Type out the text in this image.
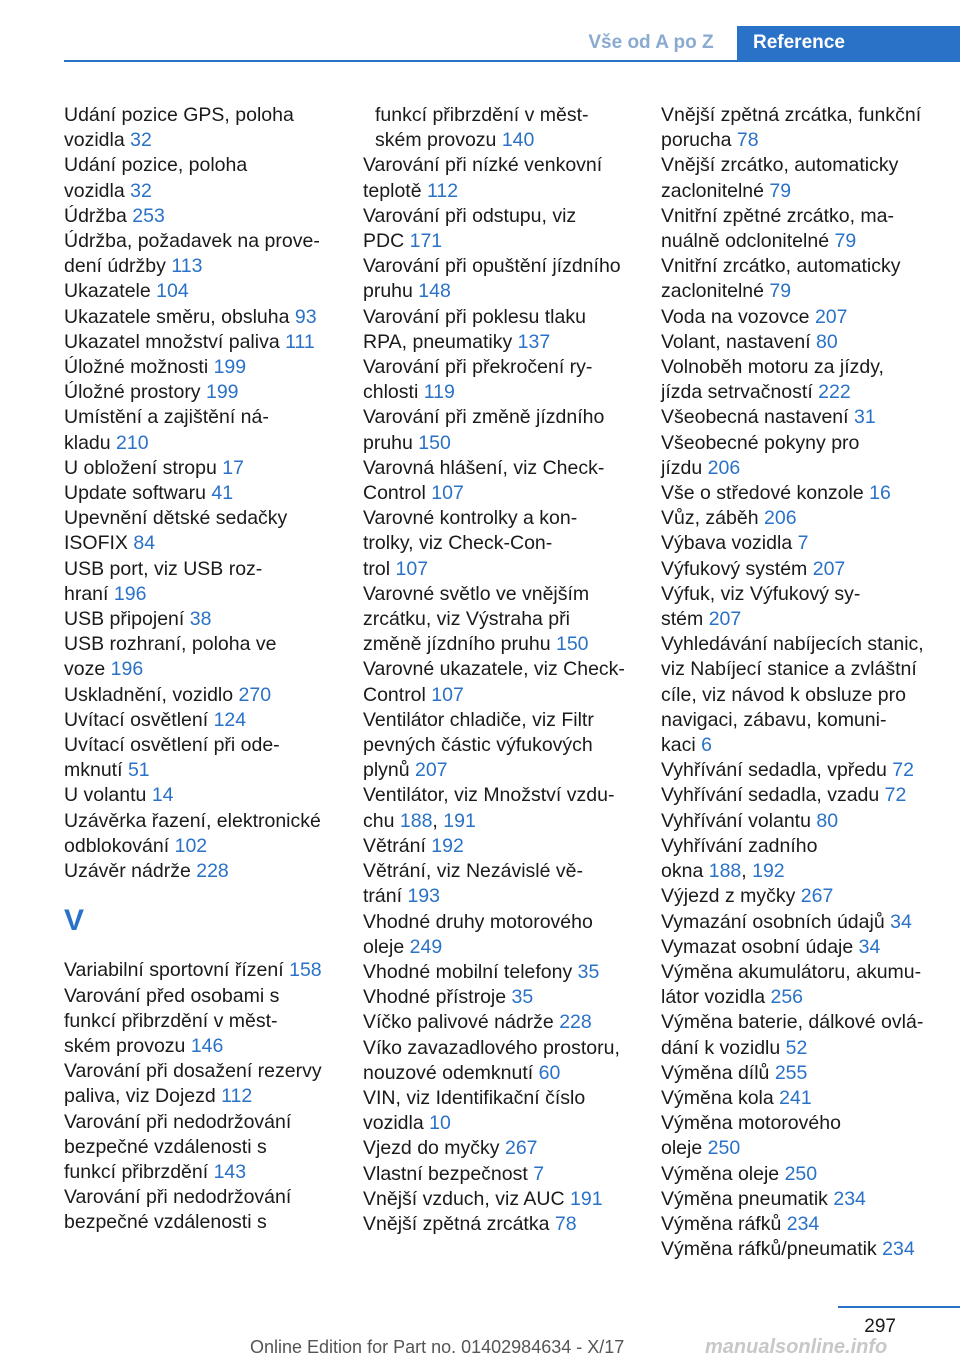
Vše od A po Z	Reference
Udání pozice GPS, poloha
vozidla 32
Udání pozice, poloha
vozidla 32
Údržba 253
Údržba, požadavek na prove‐
dení údržby 113
Ukazatele 104
Ukazatele směru, obsluha 93
Ukazatel množství paliva 111
Úložné možnosti 199
Úložné prostory 199
Umístění a zajištění ná‐
kladu 210
U obložení stropu 17
Update softwaru 41
Upevnění dětské sedačky
ISOFIX 84
USB port, viz USB roz‐
hraní 196
USB připojení 38
USB rozhraní, poloha ve
voze 196
Uskladnění, vozidlo 270
Uvítací osvětlení 124
Uvítací osvětlení při ode‐
mknutí 51
U volantu 14
Uzávěrka řazení, elektronické
odblokování 102
Uzávěr nádrže 228
V
Variabilní sportovní řízení 158
Varování před osobami s
funkcí přibrzdění v měst‐
ském provozu 146
Varování při dosažení rezervy
paliva, viz Dojezd 112
Varování při nedodržování
bezpečné vzdálenosti s
funkcí přibrzdění 143
Varování při nedodržování
bezpečné vzdálenosti s
funkcí přibrzdění v měst‐
ském provozu 140
Varování při nízké venkovní
teplotě 112
Varování při odstupu, viz
PDC 171
Varování při opuštění jízdního
pruhu 148
Varování při poklesu tlaku
RPA, pneumatiky 137
Varování při překročení ry‐
chlosti 119
Varování při změně jízdního
pruhu 150
Varovná hlášení, viz Check-
Control 107
Varovné kontrolky a kon‐
trolky, viz Check-Con‐
trol 107
Varovné světlo ve vnějším
zrcátku, viz Výstraha při
změně jízdního pruhu 150
Varovné ukazatele, viz Check-
Control 107
Ventilátor chladiče, viz Filtr
pevných částic výfukových
plynů 207
Ventilátor, viz Množství vzdu‐
chu 188, 191
Větrání 192
Větrání, viz Nezávislé vě‐
trání 193
Vhodné druhy motorového
oleje 249
Vhodné mobilní telefony 35
Vhodné přístroje 35
Víčko palivové nádrže 228
Víko zavazadlového prostoru,
nouzové odemknutí 60
VIN, viz Identifikační číslo
vozidla 10
Vjezd do myčky 267
Vlastní bezpečnost 7
Vnější vzduch, viz AUC 191
Vnější zpětná zrcátka 78
Vnější zpětná zrcátka, funkční
porucha 78
Vnější zrcátko, automaticky
zaclonitelné 79
Vnitřní zpětné zrcátko, ma‐
nuálně odclonitelné 79
Vnitřní zrcátko, automaticky
zaclonitelné 79
Voda na vozovce 207
Volant, nastavení 80
Volnoběh motoru za jízdy,
jízda setrvačností 222
Všeobecná nastavení 31
Všeobecné pokyny pro
jízdu 206
Vše o středové konzole 16
Vůz, záběh 206
Výbava vozidla 7
Výfukový systém 207
Výfuk, viz Výfukový sy‐
stém 207
Vyhledávání nabíjecích stanic,
viz Nabíjecí stanice a zvláštní
cíle, viz návod k obsluze pro
navigaci, zábavu, komuni‐
kaci 6
Vyhřívání sedadla, vpředu 72
Vyhřívání sedadla, vzadu 72
Vyhřívání volantu 80
Vyhřívání zadního
okna 188, 192
Výjezd z myčky 267
Vymazání osobních údajů 34
Vymazat osobní údaje 34
Výměna akumulátoru, akumu‐
látor vozidla 256
Výměna baterie, dálkové ovlá‐
dání k vozidlu 52
Výměna dílů 255
Výměna kola 241
Výměna motorového
oleje 250
Výměna oleje 250
Výměna pneumatik 234
Výměna ráfků 234
Výměna ráfků/pneumatik 234
297
Online Edition for Part no. 01402984634 - X/17	manualsonline.info
